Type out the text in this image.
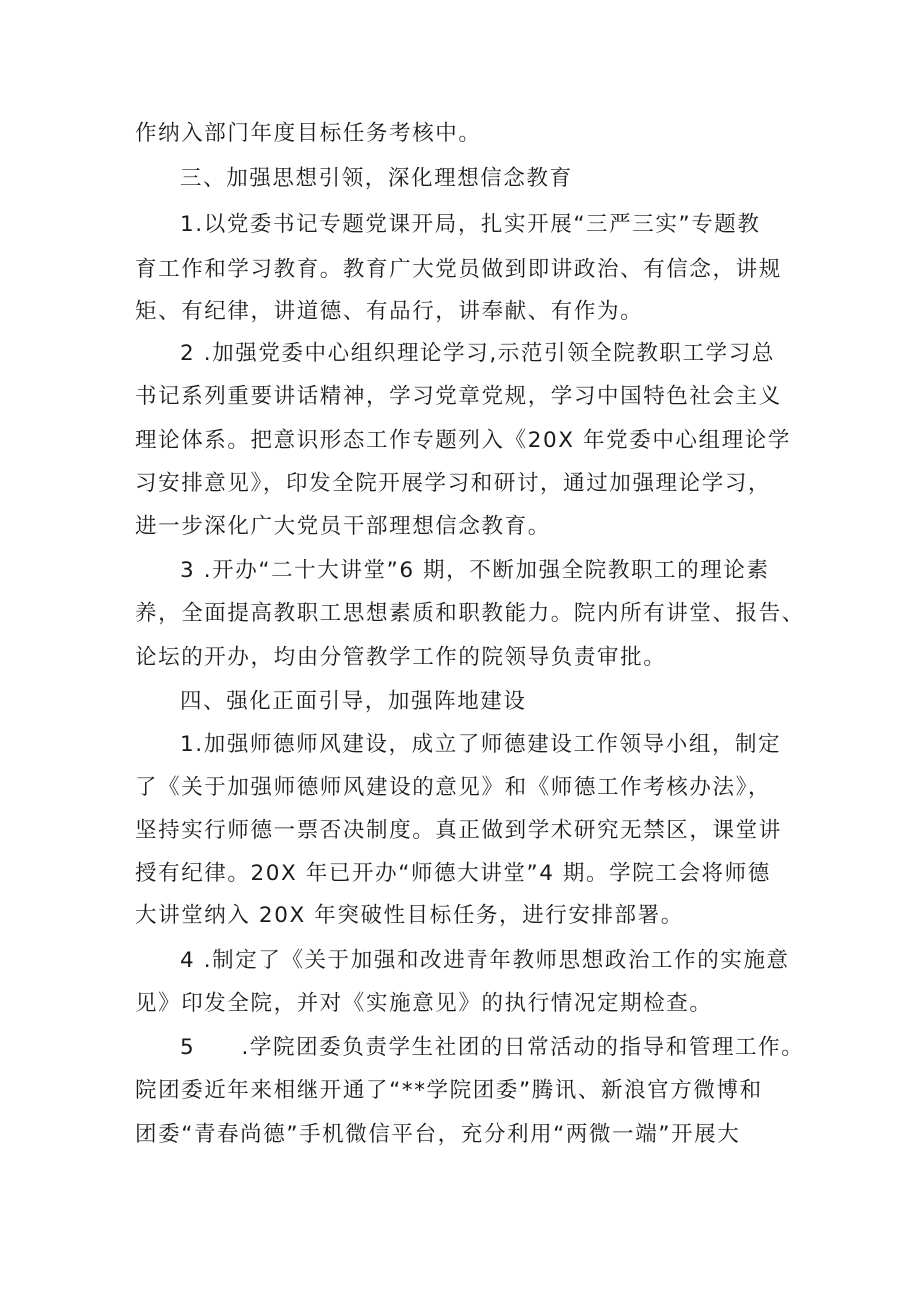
作纳入部门年度目标任务考核中。
三、加强思想引领，深化理想信念教育
1.以党委书记专题党课开局，扎实开展“三严三实”专题教
育工作和学习教育。教育广大党员做到即讲政治、有信念，讲规
矩、有纪律，讲道德、有品行，讲奉献、有作为。
2 .加强党委中心组织理论学习,示范引领全院教职工学习总
书记系列重要讲话精神，学习党章党规，学习中国特色社会主义
理论体系。把意识形态工作专题列入《20X 年党委中心组理论学
习安排意见》，印发全院开展学习和研讨，通过加强理论学习，
进一步深化广大党员干部理想信念教育。
3 .开办“二十大讲堂”6 期，不断加强全院教职工的理论素
养，全面提高教职工思想素质和职教能力。院内所有讲堂、报告、
论坛的开办，均由分管教学工作的院领导负责审批。
四、强化正面引导，加强阵地建设
1.加强师德师风建设，成立了师德建设工作领导小组，制定
了《关于加强师德师风建设的意见》和《师德工作考核办法》，
坚持实行师德一票否决制度。真正做到学术研究无禁区，课堂讲
授有纪律。20X 年已开办“师德大讲堂”4 期。学院工会将师德
大讲堂纳入 20X 年突破性目标任务，进行安排部署。
4 .制定了《关于加强和改进青年教师思想政治工作的实施意
见》印发全院，并对《实施意见》的执行情况定期检查。
5　　.学院团委负责学生社团的日常活动的指导和管理工作。
院团委近年来相继开通了“**学院团委”腾讯、新浪官方微博和
团委“青春尚德”手机微信平台，充分利用“两微一端”开展大
